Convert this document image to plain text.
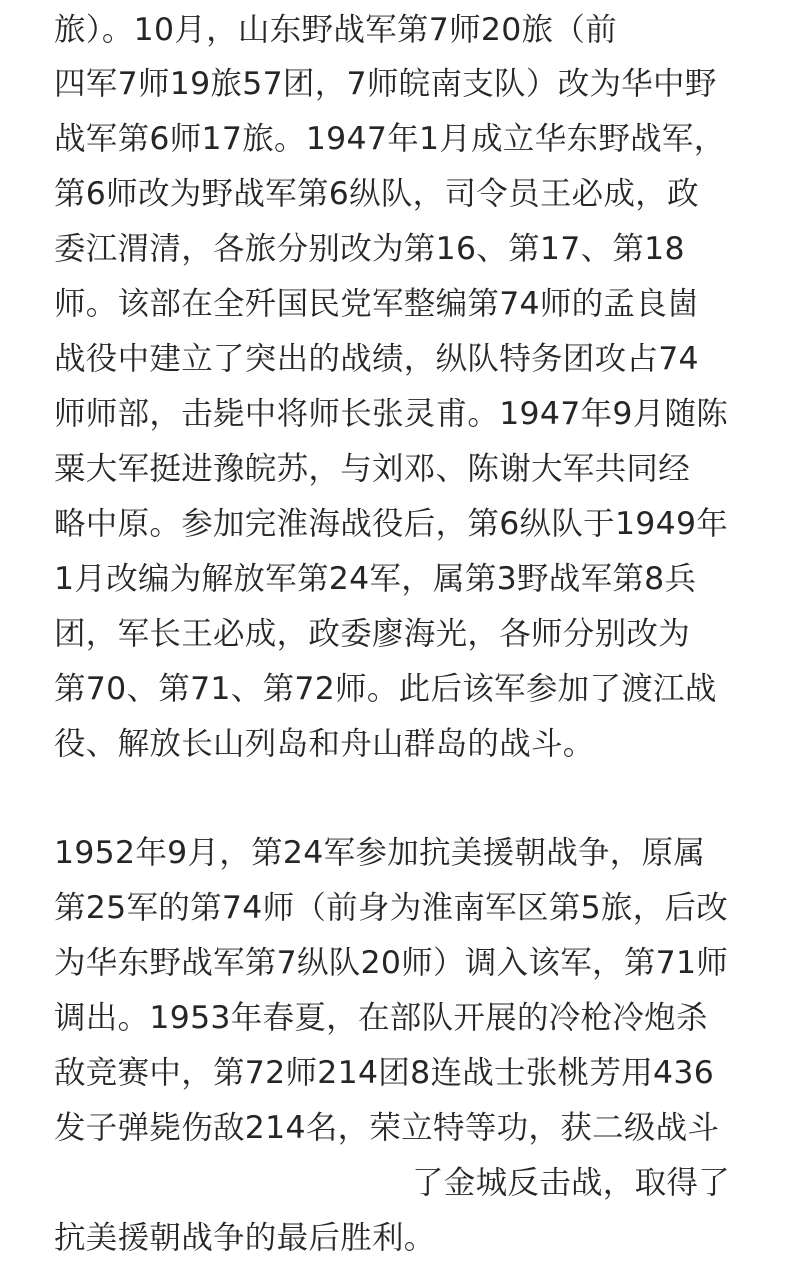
旅）。10月，山东野战军第7师20旅（前
四军7师19旅57团，7师皖南支队）改为华中野
战军第6师17旅。1947年1月成立华东野战军，
第6师改为野战军第6纵队，司令员王必成，政
委江渭清，各旅分别改为第16、第17、第18
师。该部在全歼国民党军整编第74师的孟良崮
战役中建立了突出的战绩，纵队特务团攻占74
师师部，击毙中将师长张灵甫。1947年9月随陈
粟大军挺进豫皖苏，与刘邓、陈谢大军共同经
略中原。参加完淮海战役后，第6纵队于1949年
1月改编为解放军第24军，属第3野战军第8兵
团，军长王必成，政委廖海光，各师分别改为
第70、第71、第72师。此后该军参加了渡江战
役、解放长山列岛和舟山群岛的战斗。
1952年9月，第24军参加抗美援朝战争，原属
第25军的第74师（前身为淮南军区第5旅，后改
为华东野战军第7纵队20师）调入该军，第71师
调出。1953年春夏，在部队开展的冷枪冷炮杀
敌竞赛中，第72师214团8连战士张桃芳用436
发子弹毙伤敌214名，荣立特等功，获二级战斗
了金城反击战，取得了
抗美援朝战争的最后胜利。
